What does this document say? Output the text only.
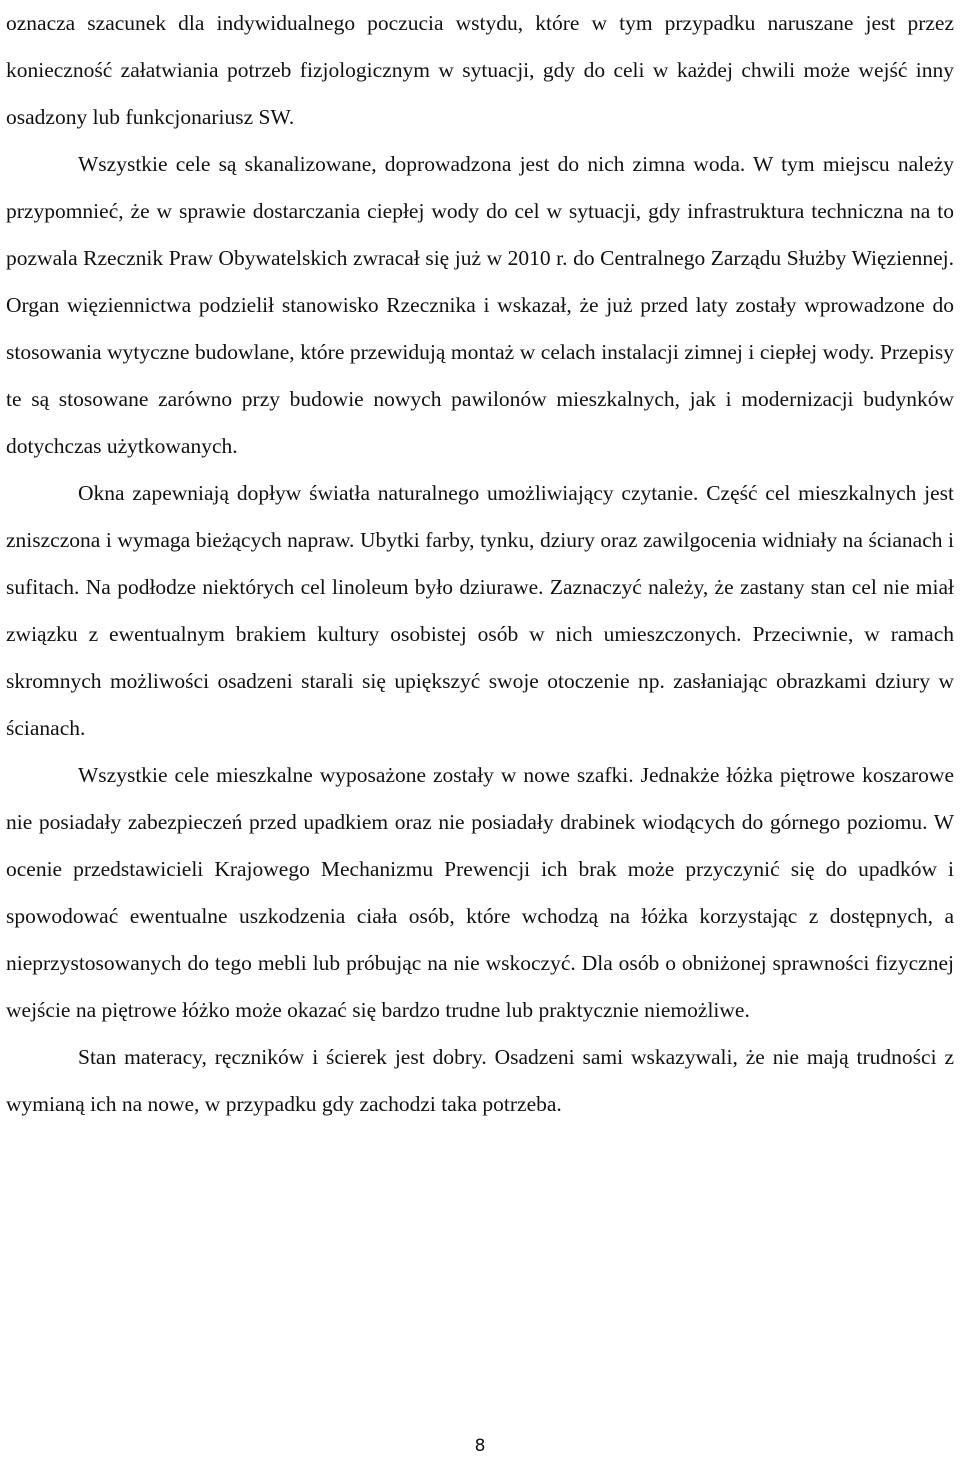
oznacza szacunek dla indywidualnego poczucia wstydu, które w tym przypadku naruszane jest przez konieczność załatwiania potrzeb fizjologicznym w sytuacji, gdy do celi w każdej chwili może wejść inny osadzony lub funkcjonariusz SW.

Wszystkie cele są skanalizowane, doprowadzona jest do nich zimna woda. W tym miejscu należy przypomnieć, że w sprawie dostarczania ciepłej wody do cel w sytuacji, gdy infrastruktura techniczna na to pozwala Rzecznik Praw Obywatelskich zwracał się już w 2010 r. do Centralnego Zarządu Służby Więziennej. Organ więziennictwa podzielił stanowisko Rzecznika i wskazał, że już przed laty zostały wprowadzone do stosowania wytyczne budowlane, które przewidują montaż w celach instalacji zimnej i ciepłej wody. Przepisy te są stosowane zarówno przy budowie nowych pawilonów mieszkalnych, jak i modernizacji budynków dotychczas użytkowanych.

Okna zapewniają dopływ światła naturalnego umożliwiający czytanie. Część cel mieszkalnych jest zniszczona i wymaga bieżących napraw. Ubytki farby, tynku, dziury oraz zawilgocenia widniały na ścianach i sufitach. Na podłodze niektórych cel linoleum było dziurawe. Zaznaczyć należy, że zastany stan cel nie miał związku z ewentualnym brakiem kultury osobistej osób w nich umieszczonych. Przeciwnie, w ramach skromnych możliwości osadzeni starali się upiększyć swoje otoczenie np. zasłaniając obrazkami dziury w ścianach.

Wszystkie cele mieszkalne wyposażone zostały w nowe szafki. Jednakże łóżka piętrowe koszarowe nie posiadały zabezpieczeń przed upadkiem oraz nie posiadały drabinek wiodących do górnego poziomu. W ocenie przedstawicieli Krajowego Mechanizmu Prewencji ich brak może przyczynić się do upadków i spowodować ewentualne uszkodzenia ciała osób, które wchodzą na łóżka korzystając z dostępnych, a nieprzystosowanych do tego mebli lub próbując na nie wskoczyć. Dla osób o obniżonej sprawności fizycznej wejście na piętrowe łóżko może okazać się bardzo trudne lub praktycznie niemożliwe.

Stan materacy, ręczników i ścierek jest dobry. Osadzeni sami wskazywali, że nie mają trudności z wymianą ich na nowe, w przypadku gdy zachodzi taka potrzeba.

8
